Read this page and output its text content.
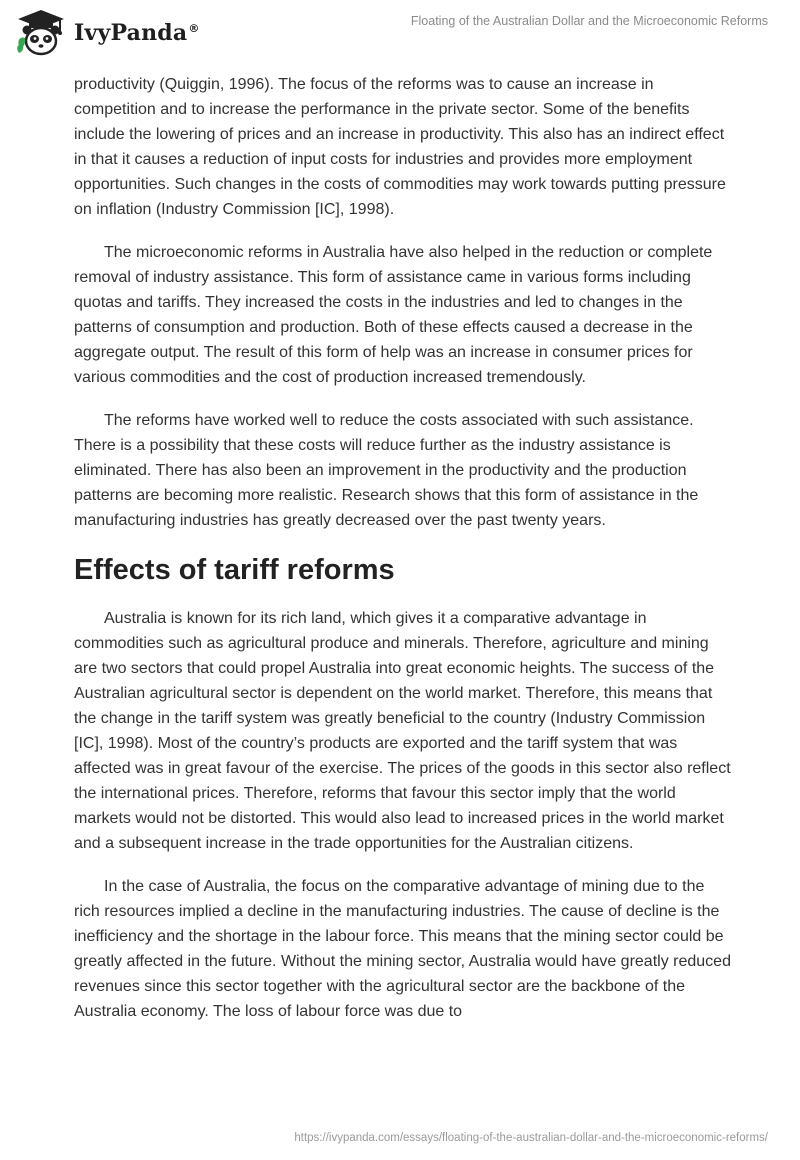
IvyPanda®
Floating of the Australian Dollar and the Microeconomic Reforms

productivity (Quiggin, 1996). The focus of the reforms was to cause an increase in competition and to increase the performance in the private sector. Some of the benefits include the lowering of prices and an increase in productivity. This also has an indirect effect in that it causes a reduction of input costs for industries and provides more employment opportunities. Such changes in the costs of commodities may work towards putting pressure on inflation (Industry Commission [IC], 1998).

The microeconomic reforms in Australia have also helped in the reduction or complete removal of industry assistance. This form of assistance came in various forms including quotas and tariffs. They increased the costs in the industries and led to changes in the patterns of consumption and production. Both of these effects caused a decrease in the aggregate output. The result of this form of help was an increase in consumer prices for various commodities and the cost of production increased tremendously.

The reforms have worked well to reduce the costs associated with such assistance. There is a possibility that these costs will reduce further as the industry assistance is eliminated. There has also been an improvement in the productivity and the production patterns are becoming more realistic. Research shows that this form of assistance in the manufacturing industries has greatly decreased over the past twenty years.

Effects of tariff reforms

Australia is known for its rich land, which gives it a comparative advantage in commodities such as agricultural produce and minerals. Therefore, agriculture and mining are two sectors that could propel Australia into great economic heights. The success of the Australian agricultural sector is dependent on the world market. Therefore, this means that the change in the tariff system was greatly beneficial to the country (Industry Commission [IC], 1998). Most of the country’s products are exported and the tariff system that was affected was in great favour of the exercise. The prices of the goods in this sector also reflect the international prices. Therefore, reforms that favour this sector imply that the world markets would not be distorted. This would also lead to increased prices in the world market and a subsequent increase in the trade opportunities for the Australian citizens.

In the case of Australia, the focus on the comparative advantage of mining due to the rich resources implied a decline in the manufacturing industries. The cause of decline is the inefficiency and the shortage in the labour force. This means that the mining sector could be greatly affected in the future. Without the mining sector, Australia would have greatly reduced revenues since this sector together with the agricultural sector are the backbone of the Australia economy. The loss of labour force was due to

https://ivypanda.com/essays/floating-of-the-australian-dollar-and-the-microeconomic-reforms/
